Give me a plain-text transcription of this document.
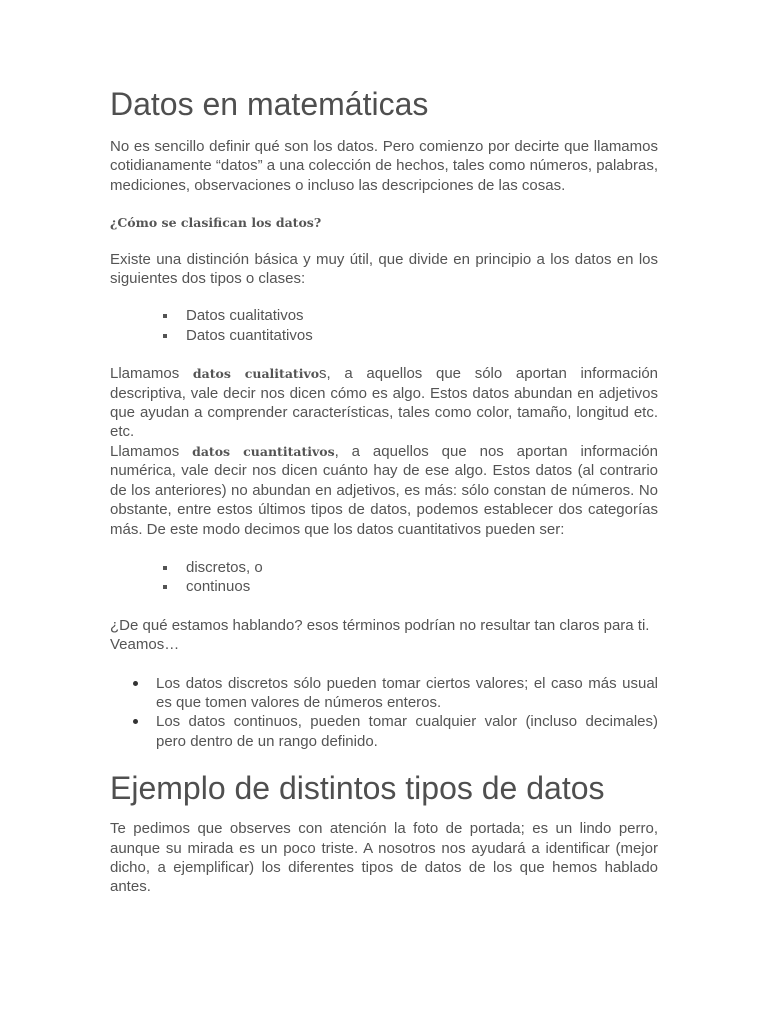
Datos en matemáticas

No es sencillo definir qué son los datos. Pero comienzo por decirte que llamamos cotidianamente “datos” a una colección de hechos, tales como números, palabras, mediciones, observaciones o incluso las descripciones de las cosas.

¿Cómo se clasifican los datos?

Existe una distinción básica y muy útil, que divide en principio a los datos en los siguientes dos tipos o clases:

Datos cualitativos
Datos cuantitativos

Llamamos datos cualitativos, a aquellos que sólo aportan información descriptiva, vale decir nos dicen cómo es algo. Estos datos abundan en adjetivos que ayudan a comprender características, tales como color, tamaño, longitud etc. etc.

Llamamos datos cuantitativos, a aquellos que nos aportan información numérica, vale decir nos dicen cuánto hay de ese algo. Estos datos (al contrario de los anteriores) no abundan en adjetivos, es más: sólo constan de números. No obstante, entre estos últimos tipos de datos, podemos establecer dos categorías más. De este modo decimos que los datos cuantitativos pueden ser:

discretos, o
continuos

¿De qué estamos hablando? esos términos podrían no resultar tan claros para ti. Veamos…

Los datos discretos sólo pueden tomar ciertos valores; el caso más usual es que tomen valores de números enteros.
Los datos continuos, pueden tomar cualquier valor (incluso decimales) pero dentro de un rango definido.
Ejemplo de distintos tipos de datos

Te pedimos que observes con atención la foto de portada; es un lindo perro, aunque su mirada es un poco triste. A nosotros nos ayudará a identificar (mejor dicho, a ejemplificar) los diferentes tipos de datos de los que hemos hablado antes.
